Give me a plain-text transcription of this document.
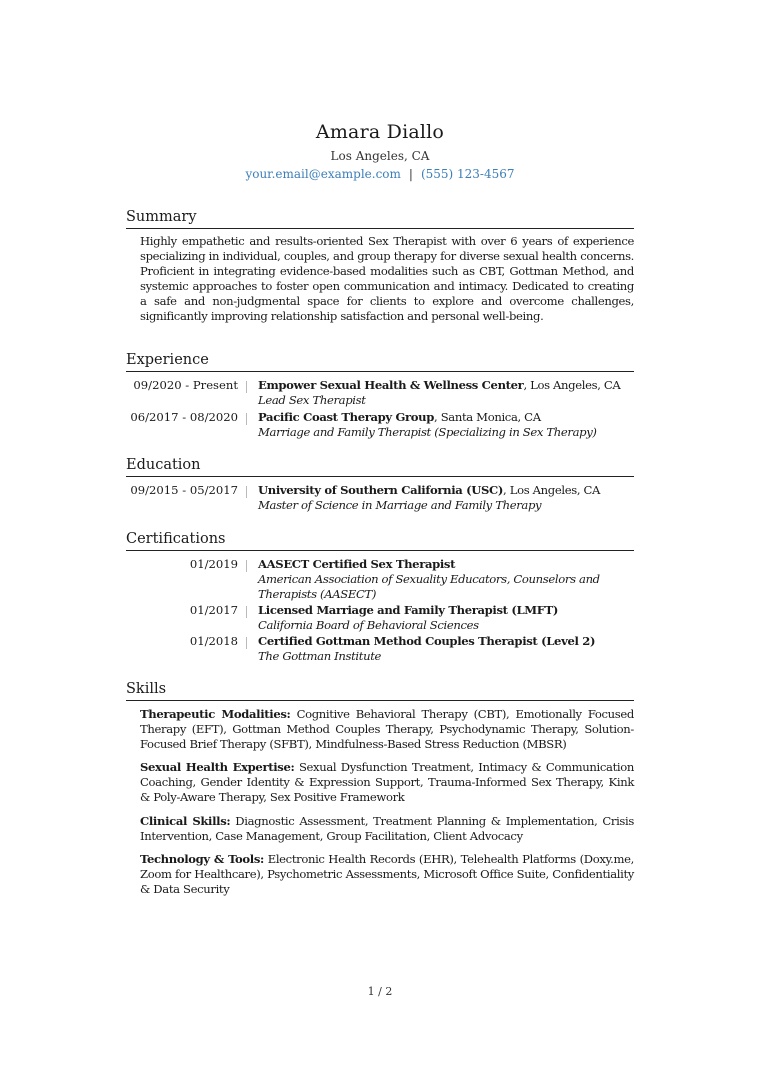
Amara Diallo
Los Angeles, CA
your.email@example.com | (555) 123-4567
Summary
Highly empathetic and results-oriented Sex Therapist with over 6 years of experience specializing in individual, couples, and group therapy for diverse sexual health concerns. Proficient in integrating evidence-based modalities such as CBT, Gottman Method, and systemic approaches to foster open communication and intimacy. Dedicated to creating a safe and non-judgmental space for clients to explore and overcome challenges, significantly improving relationship satisfaction and personal well-being.
Experience
09/2020 - Present	Empower Sexual Health & Wellness Center, Los Angeles, CA
Lead Sex Therapist
06/2017 - 08/2020	Pacific Coast Therapy Group, Santa Monica, CA
Marriage and Family Therapist (Specializing in Sex Therapy)
Education
09/2015 - 05/2017	University of Southern California (USC), Los Angeles, CA
Master of Science in Marriage and Family Therapy
Certifications
01/2019	AASECT Certified Sex Therapist
American Association of Sexuality Educators, Counselors and Therapists (AASECT)
01/2017	Licensed Marriage and Family Therapist (LMFT)
California Board of Behavioral Sciences
01/2018	Certified Gottman Method Couples Therapist (Level 2)
The Gottman Institute
Skills
Therapeutic Modalities: Cognitive Behavioral Therapy (CBT), Emotionally Focused Therapy (EFT), Gottman Method Couples Therapy, Psychodynamic Therapy, Solution-Focused Brief Therapy (SFBT), Mindfulness-Based Stress Reduction (MBSR)
Sexual Health Expertise: Sexual Dysfunction Treatment, Intimacy & Communication Coaching, Gender Identity & Expression Support, Trauma-Informed Sex Therapy, Kink & Poly-Aware Therapy, Sex Positive Framework
Clinical Skills: Diagnostic Assessment, Treatment Planning & Implementation, Crisis Intervention, Case Management, Group Facilitation, Client Advocacy
Technology & Tools: Electronic Health Records (EHR), Telehealth Platforms (Doxy.me, Zoom for Healthcare), Psychometric Assessments, Microsoft Office Suite, Confidentiality & Data Security
1 / 2
